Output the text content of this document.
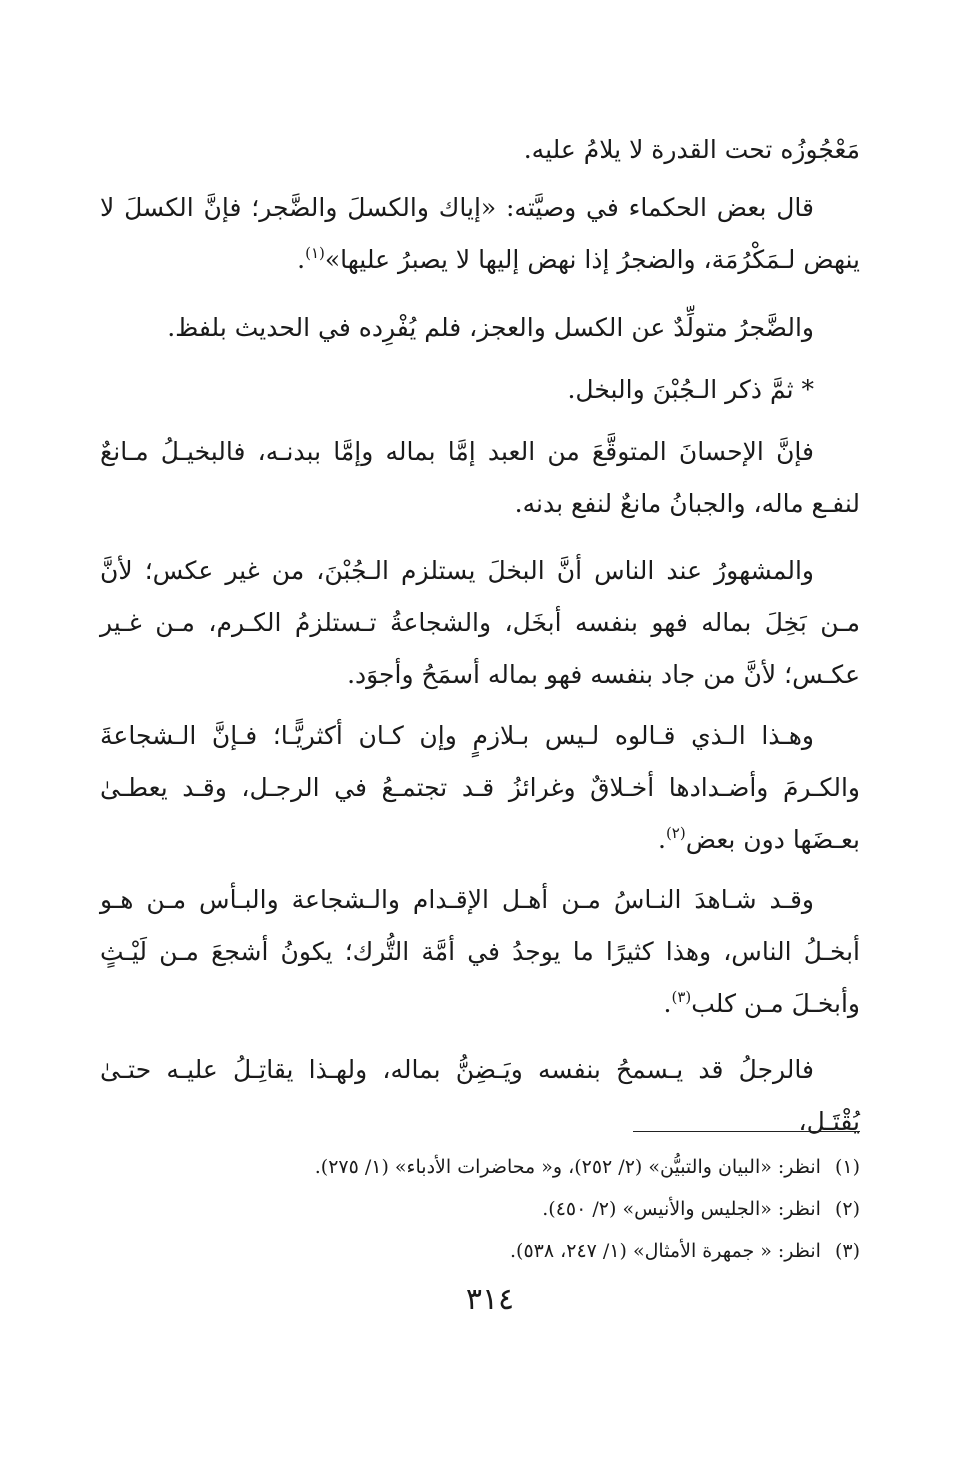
مَعْجُوزُه تحت القدرة لا يلامُ عليه.

قال بعض الحكماء في وصيَّته: «إياك والكسلَ والضَّجر؛ فإنَّ الكسلَ لا ينهض لـمَكْرُمَة، والضجرُ إذا نهض إليها لا يصبرُ عليها»$^{(١)}$.

والضَّجرُ متولِّدٌ عن الكسل والعجز، فلم يُفْرِده في الحديث بلفظ.

* ثمَّ ذكر الـجُبْنَ والبخل.

فإنَّ الإحسانَ المتوقَّعَ من العبد إمَّا بماله وإمَّا ببدنـه، فالبخيـلُ مـانعٌ لنفـع ماله، والجبانُ مانعٌ لنفع بدنه.

والمشهورُ عند الناس أنَّ البخلَ يستلزم الـجُبْنَ، من غير عكس؛ لأنَّ مـن بَخِلَ بماله فهو بنفسه أبخَل، والشجاعةُ تـستلزمُ الكـرم، مـن غـير عكـس؛ لأنَّ من جاد بنفسه فهو بماله أسمَحُ وأجوَد.

وهـذا الـذي قـالوه لـيس بـلازمٍ وإن كـان أكثريًّـا؛ فـإنَّ الـشجاعةَ والكـرمَ وأضـدادها أخـلاقٌ وغرائزُ قـد تجتمـعُ في الرجـل، وقـد يعطـىٰ بعـضَها دون بعض$^{(٢)}$.

وقـد شـاهدَ النـاسُ مـن أهـل الإقـدام والـشجاعة والبـأس مـن هـو أبخـلُ الناس، وهذا كثيرًا ما يوجدُ في أمَّة التُّرك؛ يكونُ أشجعَ مـن لَيْـثٍ وأبخـلَ مـن كلب$^{(٣)}$.

فالرجلُ قد يـسمحُ بنفسه ويَـضِنُّ بماله، ولهـذا يقاتِـلُ عليـه حتـىٰ يُقْتَـل،

(١)انظر: «البيان والتبيُّن» (٢/ ٢٥٢)، و« محاضرات الأدباء» (١/ ٢٧٥).

(٢)انظر: «الجليس والأنيس» (٢/ ٤٥٠).

(٣)انظر: « جمهرة الأمثال» (١/ ٢٤٧، ٥٣٨).

٣١٤
